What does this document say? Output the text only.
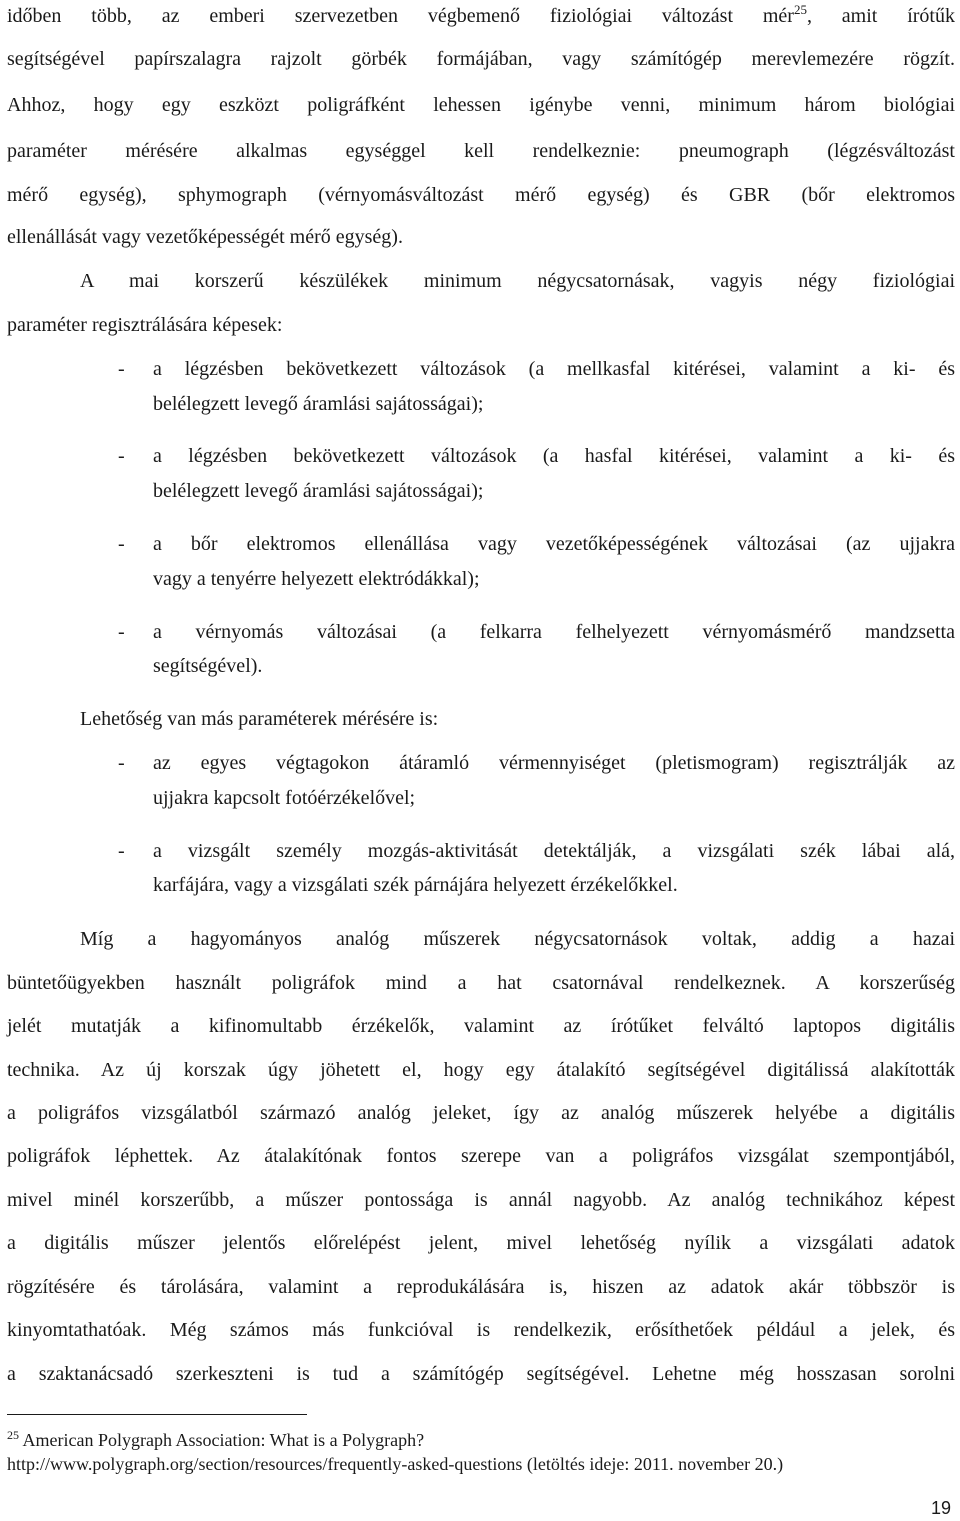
időben több, az emberi szervezetben végbemenő fiziológiai változást mér$^{25}$, amit írótűk
segítségével papírszalagra rajzolt görbék formájában, vagy számítógép merevlemezére rögzít.
Ahhoz, hogy egy eszközt poligráfként lehessen igénybe venni, minimum három biológiai
paraméter mérésére alkalmas egységgel kell rendelkeznie: pneumograph (légzésváltozást
mérő egység), sphymograph (vérnyomásváltozást mérő egység) és GBR (bőr elektromos
ellenállását vagy vezetőképességét mérő egység).
A mai korszerű készülékek minimum négycsatornásak, vagyis négy fiziológiai
paraméter regisztrálására képesek:
- a légzésben bekövetkezett változások (a mellkasfal kitérései, valamint a ki- és
belélegzett levegő áramlási sajátosságai);
- a légzésben bekövetkezett változások (a hasfal kitérései, valamint a ki- és
belélegzett levegő áramlási sajátosságai);
- a bőr elektromos ellenállása vagy vezetőképességének változásai (az ujjakra
vagy a tenyérre helyezett elektródákkal);
- a vérnyomás változásai (a felkarra felhelyezett vérnyomásmérő mandzsetta
segítségével).
Lehetőség van más paraméterek mérésére is:
- az egyes végtagokon átáramló vérmennyiséget (pletismogram) regisztrálják az
ujjakra kapcsolt fotóérzékelővel;
- a vizsgált személy mozgás-aktivitását detektálják, a vizsgálati szék lábai alá,
karfájára, vagy a vizsgálati szék párnájára helyezett érzékelőkkel.
Míg a hagyományos analóg műszerek négycsatornások voltak, addig a hazai
büntetőügyekben használt poligráfok mind a hat csatornával rendelkeznek. A korszerűség
jelét mutatják a kifinomultabb érzékelők, valamint az írótűket felváltó laptopos digitális
technika. Az új korszak úgy jöhetett el, hogy egy átalakító segítségével digitálissá alakították
a poligráfos vizsgálatból származó analóg jeleket, így az analóg műszerek helyébe a digitális
poligráfok léphettek. Az átalakítónak fontos szerepe van a poligráfos vizsgálat szempontjából,
mivel minél korszerűbb, a műszer pontossága is annál nagyobb. Az analóg technikához képest
a digitális műszer jelentős előrelépést jelent, mivel lehetőség nyílik a vizsgálati adatok
rögzítésére és tárolására, valamint a reprodukálására is, hiszen az adatok akár többször is
kinyomtathatóak. Még számos más funkcióval is rendelkezik, erősíthetőek például a jelek, és
a szaktanácsadó szerkeszteni is tud a számítógép segítségével. Lehetne még hosszasan sorolni
$^{25}$ American Polygraph Association: What is a Polygraph?
http://www.polygraph.org/section/resources/frequently-asked-questions (letöltés ideje: 2011. november 20.)
19
